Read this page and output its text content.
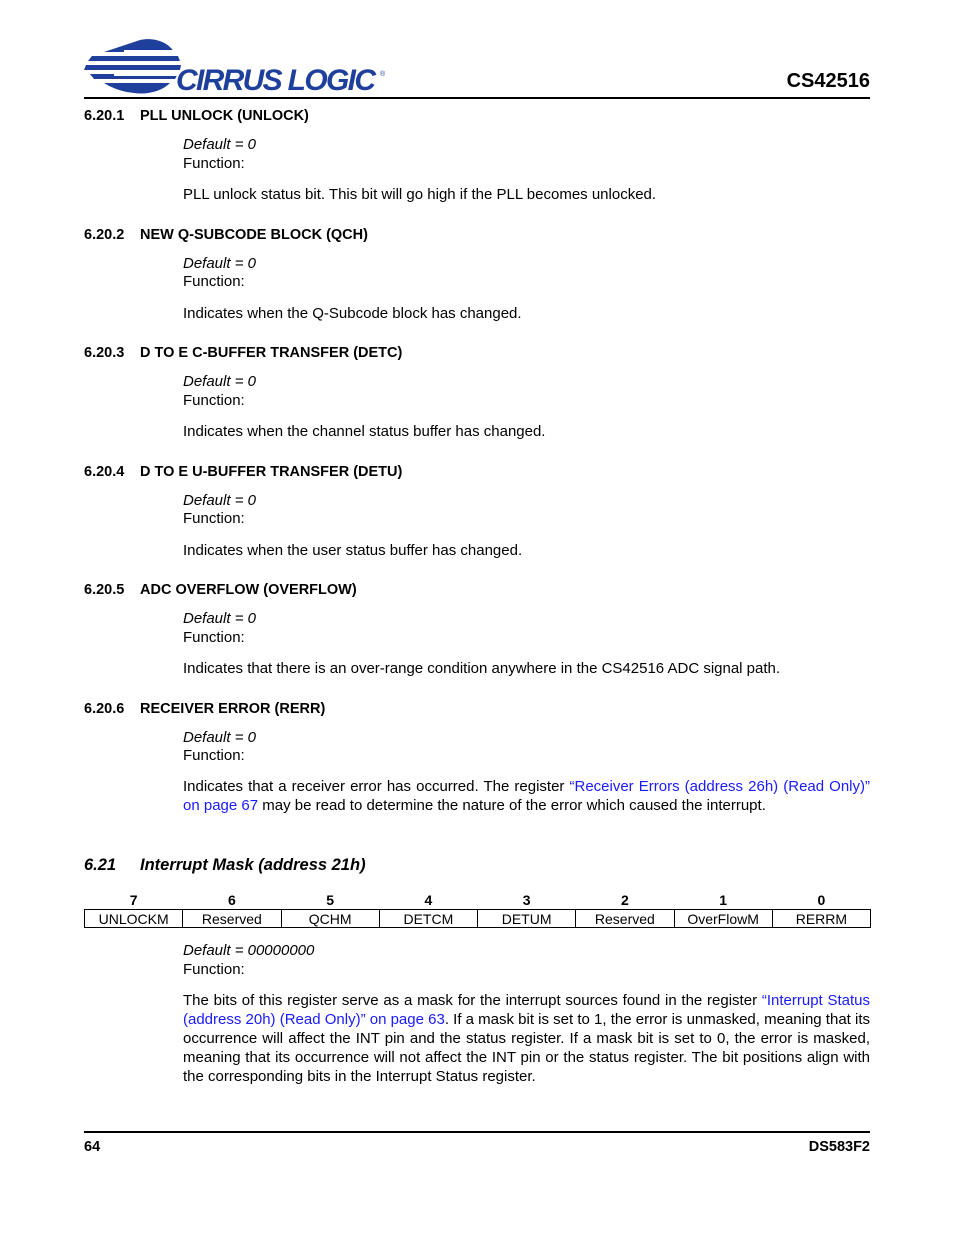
CIRRUS LOGIC ®	CS42516
6.20.1 PLL UNLOCK (UNLOCK)
Default = 0
Function:
PLL unlock status bit. This bit will go high if the PLL becomes unlocked.
6.20.2 NEW Q-SUBCODE BLOCK (QCH)
Default = 0
Function:
Indicates when the Q-Subcode block has changed.
6.20.3 D TO E C-BUFFER TRANSFER (DETC)
Default = 0
Function:
Indicates when the channel status buffer has changed.
6.20.4 D TO E U-BUFFER TRANSFER (DETU)
Default = 0
Function:
Indicates when the user status buffer has changed.
6.20.5 ADC OVERFLOW (OVERFLOW)
Default = 0
Function:
Indicates that there is an over-range condition anywhere in the CS42516 ADC signal path.
6.20.6 RECEIVER ERROR (RERR)
Default = 0
Function:
Indicates that a receiver error has occurred. The register “Receiver Errors (address 26h) (Read Only)” on page 67 may be read to determine the nature of the error which caused the interrupt.
6.21 Interrupt Mask (address 21h)
7	6	5	4	3	2	1	0
UNLOCKM	Reserved	QCHM	DETCM	DETUM	Reserved	OverFlowM	RERRM
Default = 00000000
Function:
The bits of this register serve as a mask for the interrupt sources found in the register “Interrupt Status (address 20h) (Read Only)” on page 63. If a mask bit is set to 1, the error is unmasked, meaning that its occurrence will affect the INT pin and the status register. If a mask bit is set to 0, the error is masked, meaning that its occurrence will not affect the INT pin or the status register. The bit positions align with the corresponding bits in the Interrupt Status register.
64	DS583F2
